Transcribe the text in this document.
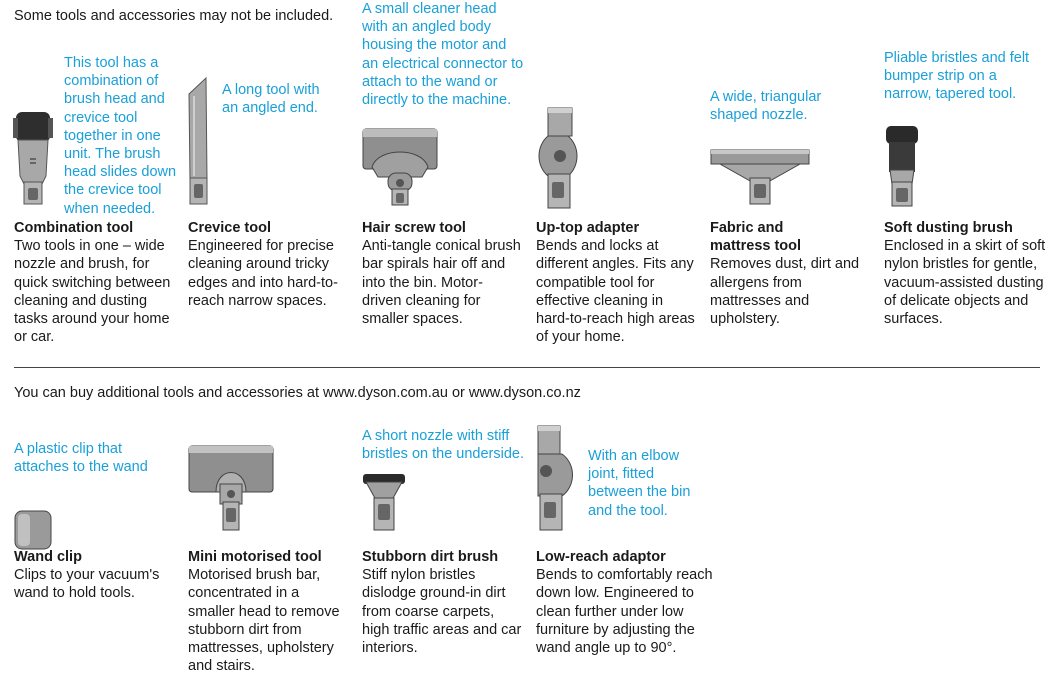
Some tools and accessories may not be included.
This tool has a combination of brush head and crevice tool together in one unit. The brush head slides down the crevice tool when needed.
Combination tool
Two tools in one – wide nozzle and brush, for quick switching between cleaning and dusting tasks around your home or car.
A long tool with an angled end.
Crevice tool
Engineered for precise cleaning around tricky edges and into hard-to-reach narrow spaces.
A small cleaner head with an angled body housing the motor and an electrical connector to attach to the wand or directly to the machine.
Hair screw tool
Anti-tangle conical brush bar spirals hair off and into the bin. Motor-driven cleaning for smaller spaces.
Up-top adapter
Bends and locks at different angles. Fits any compatible tool for effective cleaning in hard-to-reach high areas of your home.
A wide, triangular shaped nozzle.
Fabric and mattress tool
Removes dust, dirt and allergens from mattresses and upholstery.
Pliable bristles and felt bumper strip on a narrow, tapered tool.
Soft dusting brush
Enclosed in a skirt of soft nylon bristles for gentle, vacuum-assisted dusting of delicate objects and surfaces.
You can buy additional tools and accessories at www.dyson.com.au or www.dyson.co.nz
A plastic clip that attaches to the wand
Wand clip
Clips to your vacuum's wand to hold tools.
Mini motorised tool
Motorised brush bar, concentrated in a smaller head to remove stubborn dirt from mattresses, upholstery and stairs.
A short nozzle with stiff bristles on the underside.
Stubborn dirt brush
Stiff nylon bristles dislodge ground-in dirt from coarse carpets, high traffic areas and car interiors.
With an elbow joint, fitted between the bin and the tool.
Low-reach adaptor
Bends to comfortably reach down low. Engineered to clean further under low furniture by adjusting the wand angle up to 90°.
